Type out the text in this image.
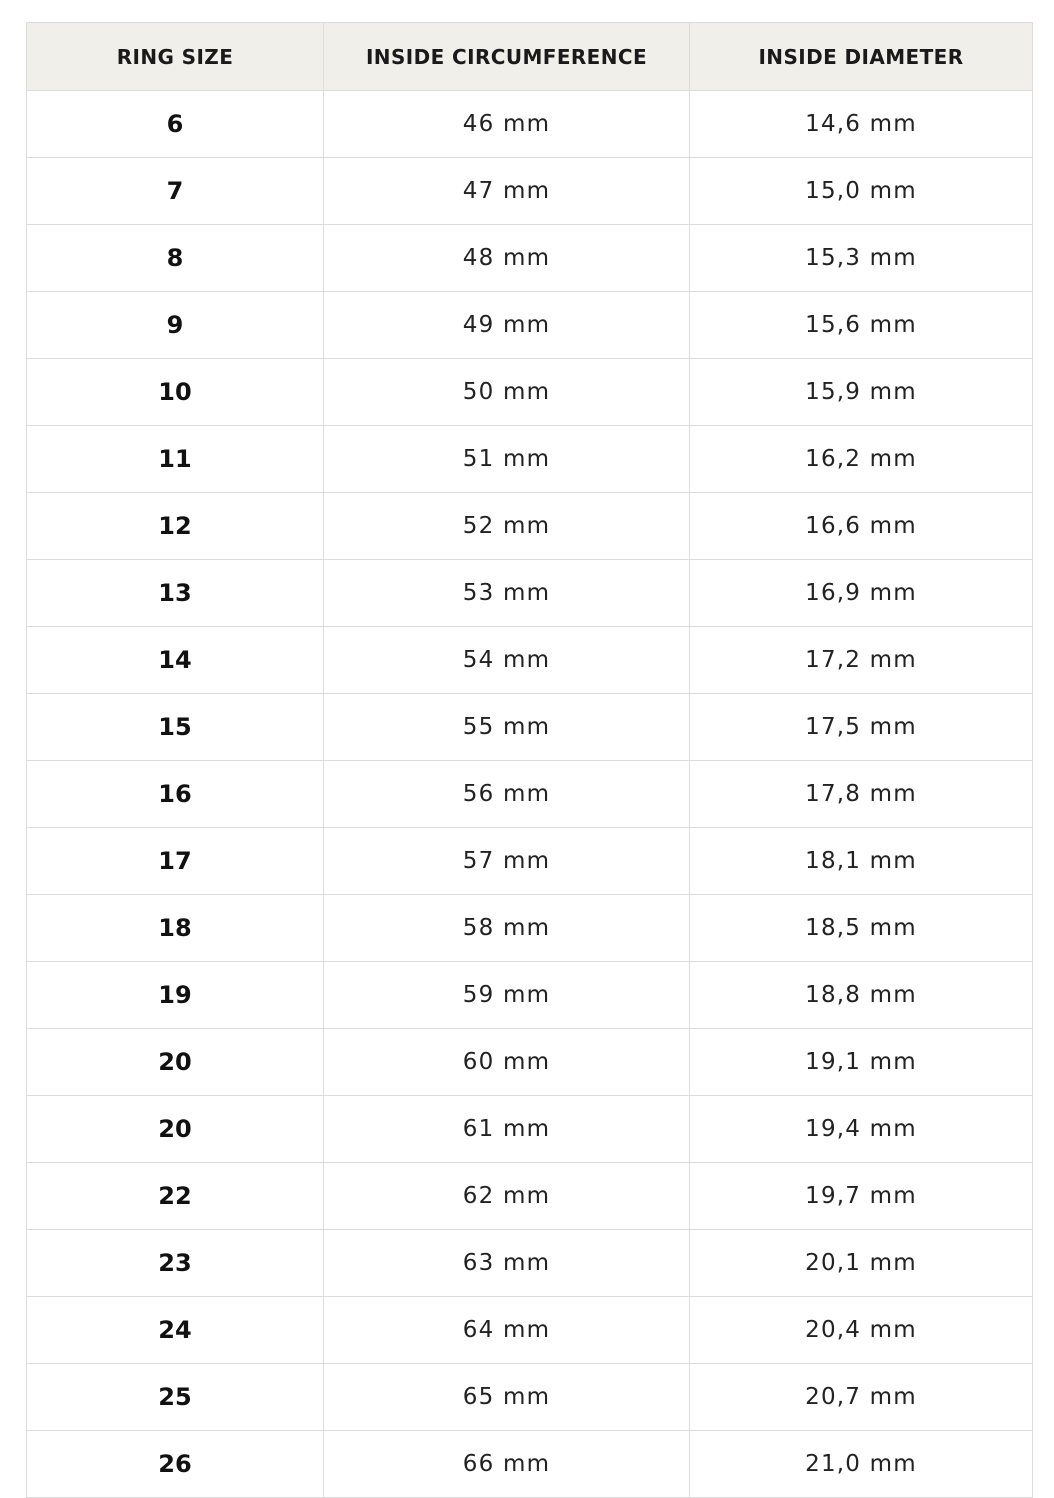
RING SIZE	INSIDE CIRCUMFERENCE	INSIDE DIAMETER
6	46 mm	14,6 mm
7	47 mm	15,0 mm
8	48 mm	15,3 mm
9	49 mm	15,6 mm
10	50 mm	15,9 mm
11	51 mm	16,2 mm
12	52 mm	16,6 mm
13	53 mm	16,9 mm
14	54 mm	17,2 mm
15	55 mm	17,5 mm
16	56 mm	17,8 mm
17	57 mm	18,1 mm
18	58 mm	18,5 mm
19	59 mm	18,8 mm
20	60 mm	19,1 mm
20	61 mm	19,4 mm
22	62 mm	19,7 mm
23	63 mm	20,1 mm
24	64 mm	20,4 mm
25	65 mm	20,7 mm
26	66 mm	21,0 mm
